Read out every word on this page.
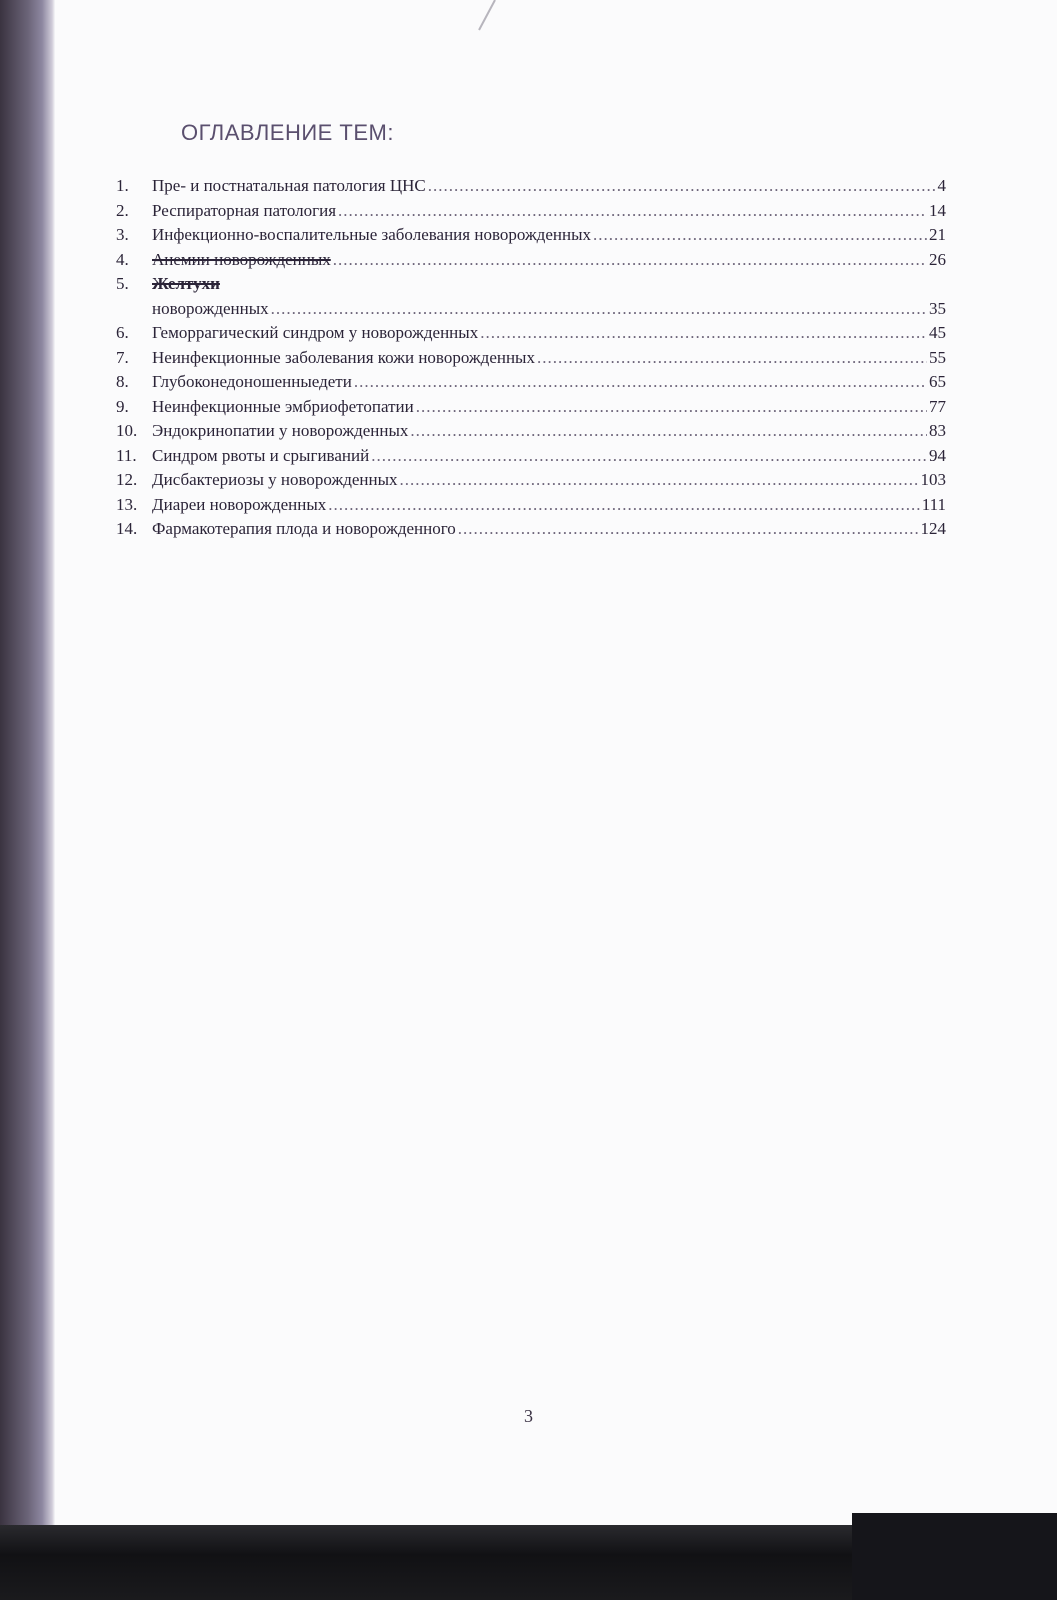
ОГЛАВЛЕНИЕ ТЕМ:
1.	Пре- и постнатальная патология ЦНС .....	4
2.	Респираторная патология .....	14
3.	Инфекционно-воспалительные заболевания новорожденных .....	21
4.	Анемии новорожденных .....	26
5.	Желтухи
новорожденных .....	35
6.	Геморрагический синдром у новорожденных .....	45
7.	Неинфекционные заболевания кожи новорожденных .....	55
8.	Глубоконедоношенныедети .....	65
9.	Неинфекционные эмбриофетопатии .....	77
10. Эндокринопатии у новорожденных .....	83
11. Синдром рвоты и срыгиваний .....	94
12. Дисбактериозы у новорожденных .....	103
13. Диареи новорожденных .....	111
14. Фармакотерапия плода и новорожденного .....	124
3
